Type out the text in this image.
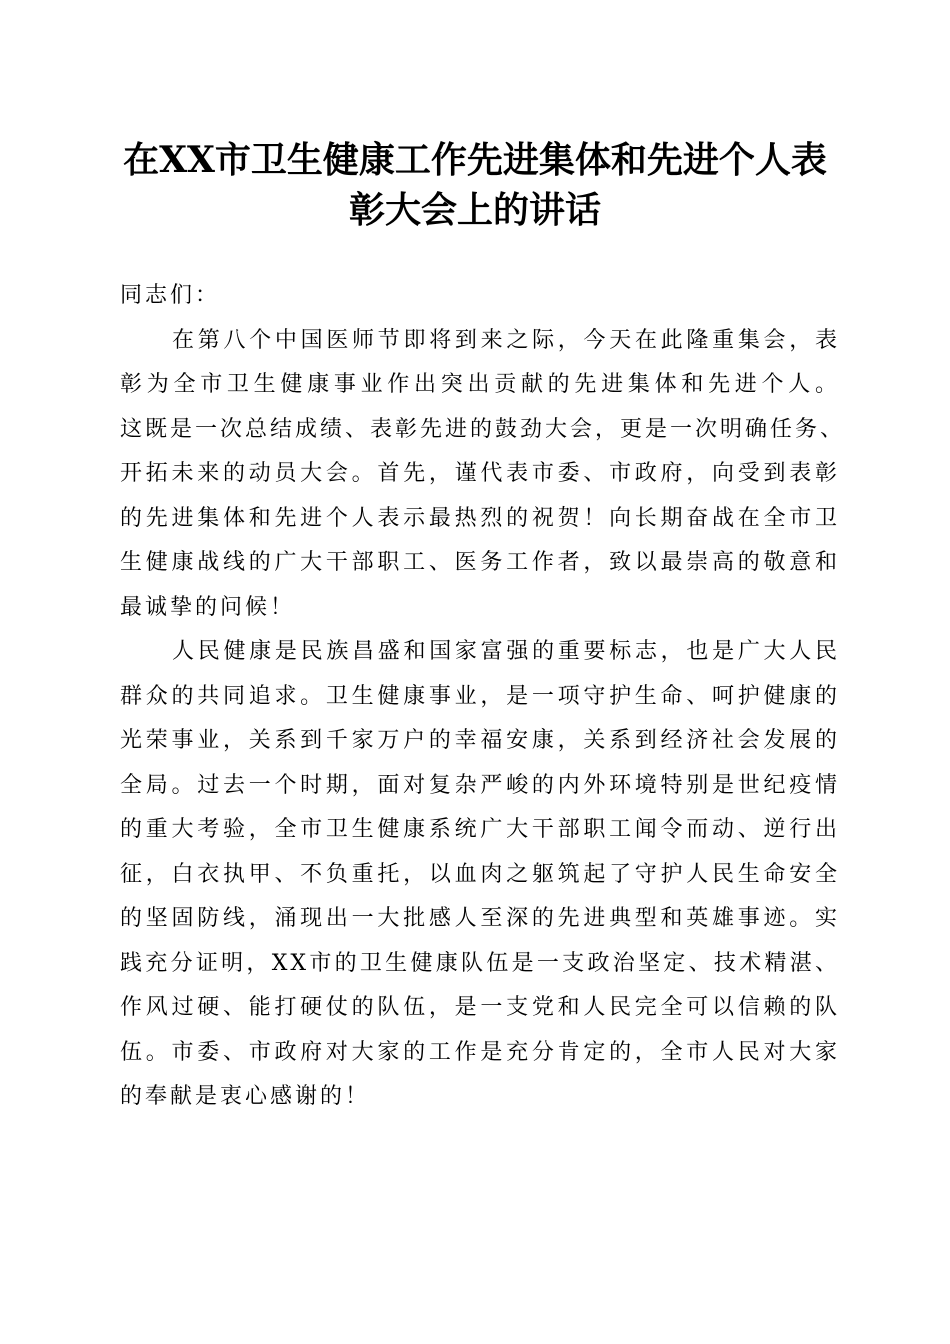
在XX市卫生健康工作先进集体和先进个人表
彰大会上的讲话
同志们：
在第八个中国医师节即将到来之际，今天在此隆重集会，表
彰为全市卫生健康事业作出突出贡献的先进集体和先进个人。
这既是一次总结成绩、表彰先进的鼓劲大会，更是一次明确任务、
开拓未来的动员大会。首先，谨代表市委、市政府，向受到表彰
的先进集体和先进个人表示最热烈的祝贺！向长期奋战在全市卫
生健康战线的广大干部职工、医务工作者，致以最崇高的敬意和
最诚挚的问候！
人民健康是民族昌盛和国家富强的重要标志，也是广大人民
群众的共同追求。卫生健康事业，是一项守护生命、呵护健康的
光荣事业，关系到千家万户的幸福安康，关系到经济社会发展的
全局。过去一个时期，面对复杂严峻的内外环境特别是世纪疫情
的重大考验，全市卫生健康系统广大干部职工闻令而动、逆行出
征，白衣执甲、不负重托，以血肉之躯筑起了守护人民生命安全
的坚固防线，涌现出一大批感人至深的先进典型和英雄事迹。实
践充分证明，XX市的卫生健康队伍是一支政治坚定、技术精湛、
作风过硬、能打硬仗的队伍，是一支党和人民完全可以信赖的队
伍。市委、市政府对大家的工作是充分肯定的，全市人民对大家
的奉献是衷心感谢的！
